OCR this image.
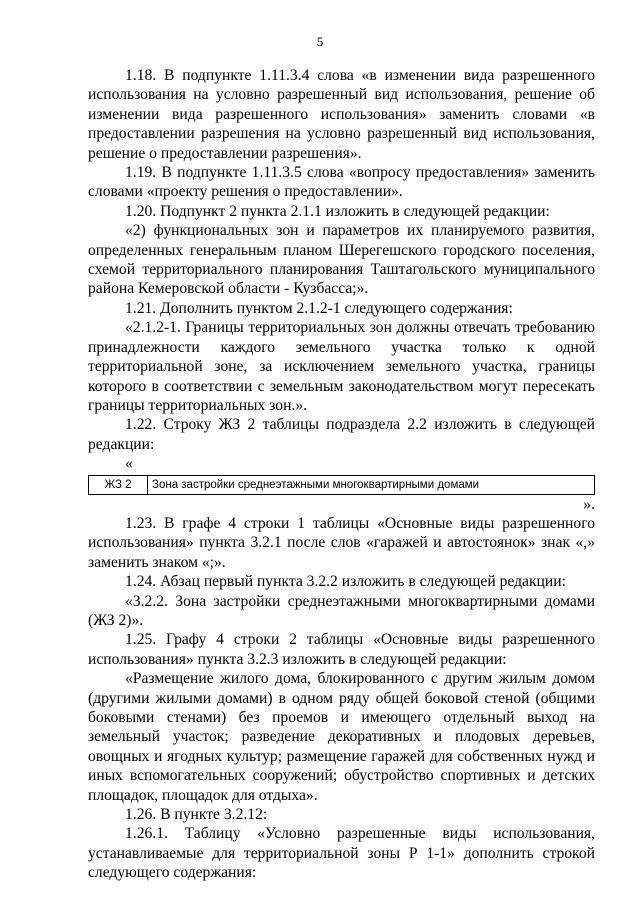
5

1.18. В подпункте 1.11.3.4 слова «в изменении вида разрешенного использования на условно разрешенный вид использования, решение об изменении вида разрешенного использования» заменить словами «в предоставлении разрешения на условно разрешенный вид использования, решение о предоставлении разрешения».

1.19. В подпункте 1.11.3.5 слова «вопросу предоставления» заменить словами «проекту решения о предоставлении».

1.20. Подпункт 2 пункта 2.1.1 изложить в следующей редакции:

«2) функциональных зон и параметров их планируемого развития, определенных генеральным планом Шерегешского городского поселения, схемой территориального планирования Таштагольского муниципального района Кемеровской области - Кузбасса;».

1.21. Дополнить пунктом 2.1.2-1 следующего содержания:

«2.1.2-1. Границы территориальных зон должны отвечать требованию принадлежности каждого земельного участка только к одной территориальной зоне, за исключением земельного участка, границы которого в соответствии с земельным законодательством могут пересекать границы территориальных зон.».

1.22. Строку ЖЗ 2 таблицы подраздела 2.2 изложить в следующей редакции:

«

ЖЗ 2	Зона застройки среднеэтажными многоквартирными домами

».

1.23. В графе 4 строки 1 таблицы «Основные виды разрешенного использования» пункта 3.2.1 после слов «гаражей и автостоянок» знак «,» заменить знаком «;».

1.24. Абзац первый пункта 3.2.2 изложить в следующей редакции:

«3.2.2. Зона застройки среднеэтажными многоквартирными домами (ЖЗ 2)».

1.25. Графу 4 строки 2 таблицы «Основные виды разрешенного использования» пункта 3.2.3 изложить в следующей редакции:

«Размещение жилого дома, блокированного с другим жилым домом (другими жилыми домами) в одном ряду общей боковой стеной (общими боковыми стенами) без проемов и имеющего отдельный выход на земельный участок; разведение декоративных и плодовых деревьев, овощных и ягодных культур; размещение гаражей для собственных нужд и иных вспомогательных сооружений; обустройство спортивных и детских площадок, площадок для отдыха».

1.26. В пункте 3.2.12:

1.26.1. Таблицу «Условно разрешенные виды использования, устанавливаемые для территориальной зоны Р 1-1» дополнить строкой следующего содержания:
